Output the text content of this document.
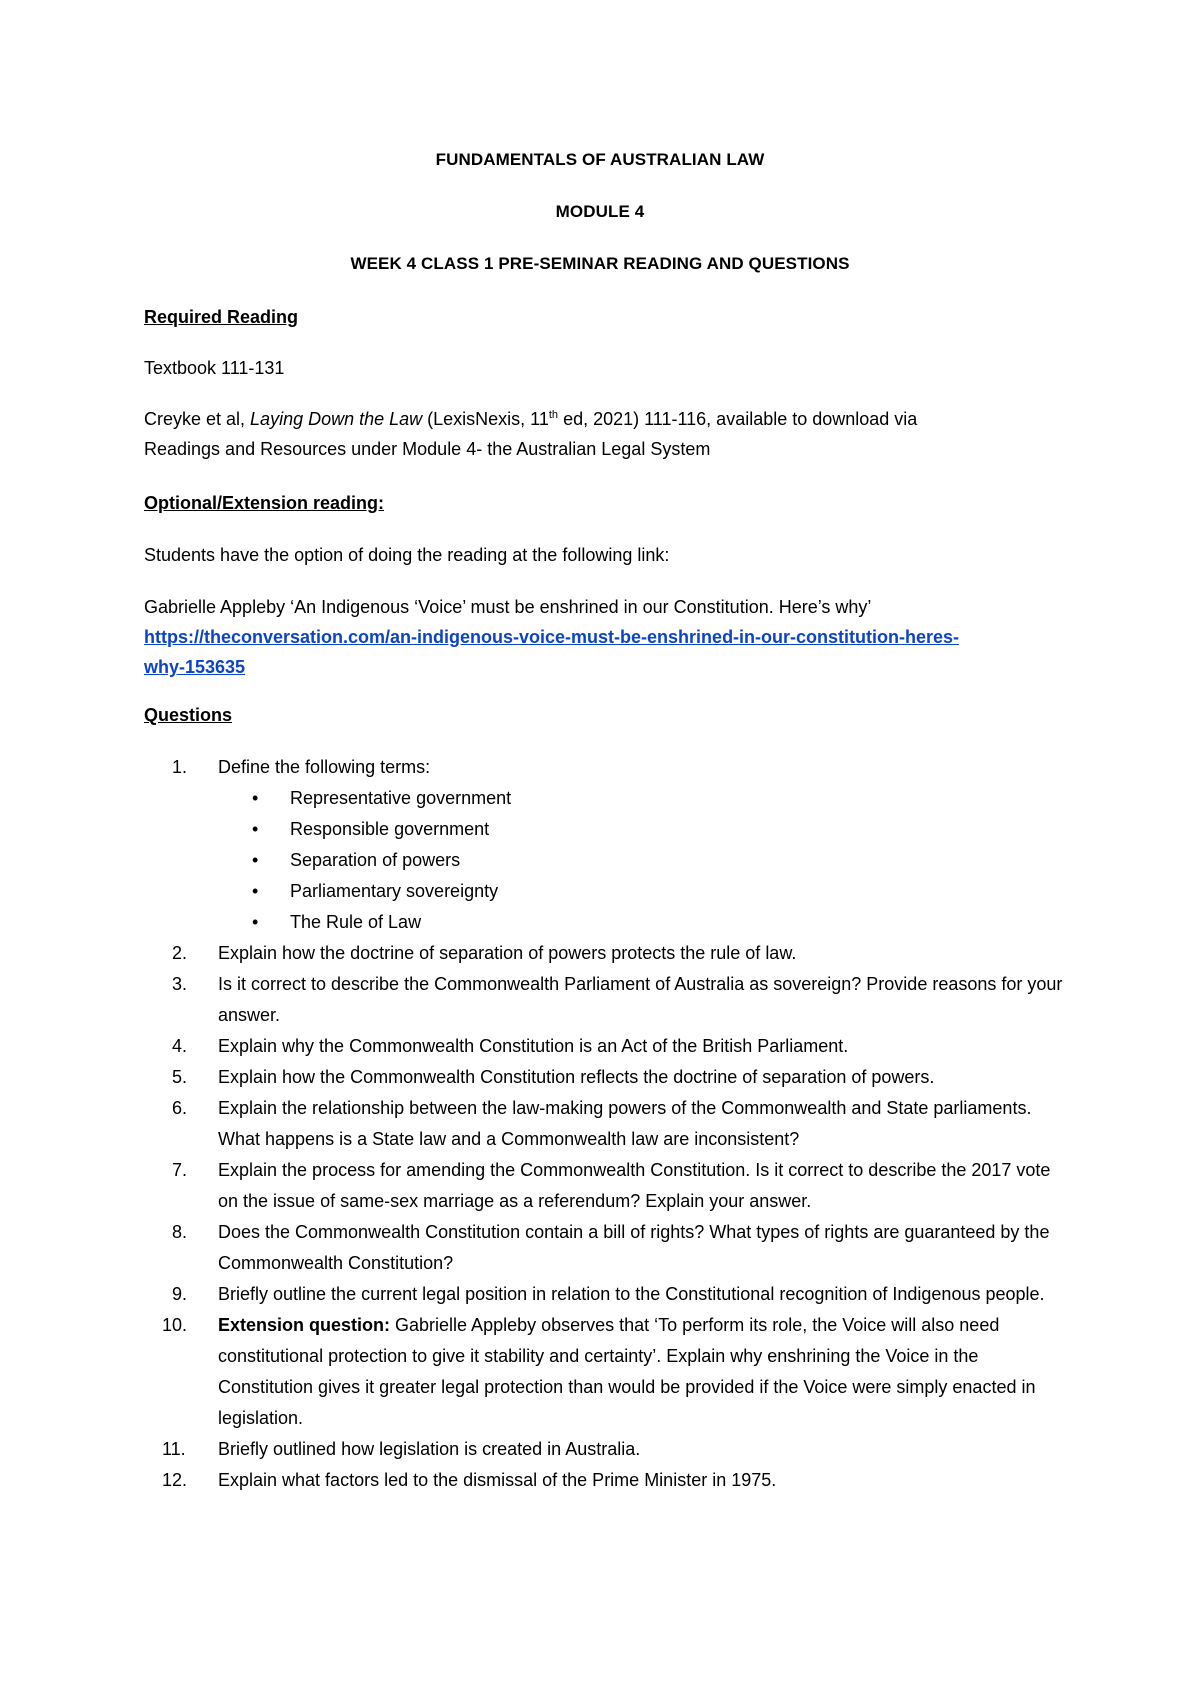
FUNDAMENTALS OF AUSTRALIAN LAW
MODULE 4
WEEK 4 CLASS 1 PRE-SEMINAR READING AND QUESTIONS
Required Reading
Textbook 111-131
Creyke et al, Laying Down the Law (LexisNexis, 11th ed, 2021) 111-116, available to download via
Readings and Resources under Module 4- the Australian Legal System
Optional/Extension reading:
Students have the option of doing the reading at the following link:
Gabrielle Appleby ‘An Indigenous ‘Voice’ must be enshrined in our Constitution. Here’s why’
https://theconversation.com/an-indigenous-voice-must-be-enshrined-in-our-constitution-heres-
why-153635
Questions
1.	Define the following terms:
• Representative government
• Responsible government
• Separation of powers
• Parliamentary sovereignty
• The Rule of Law
2.	Explain how the doctrine of separation of powers protects the rule of law.
3.	Is it correct to describe the Commonwealth Parliament of Australia as sovereign? Provide reasons for your answer.
4.	Explain why the Commonwealth Constitution is an Act of the British Parliament.
5.	Explain how the Commonwealth Constitution reflects the doctrine of separation of powers.
6.	Explain the relationship between the law-making powers of the Commonwealth and State parliaments. What happens is a State law and a Commonwealth law are inconsistent?
7.	Explain the process for amending the Commonwealth Constitution. Is it correct to describe the 2017 vote on the issue of same-sex marriage as a referendum? Explain your answer.
8.	Does the Commonwealth Constitution contain a bill of rights? What types of rights are guaranteed by the Commonwealth Constitution?
9.	Briefly outline the current legal position in relation to the Constitutional recognition of Indigenous people.
10.	Extension question: Gabrielle Appleby observes that ‘To perform its role, the Voice will also need constitutional protection to give it stability and certainty’. Explain why enshrining the Voice in the Constitution gives it greater legal protection than would be provided if the Voice were simply enacted in legislation.
11.	Briefly outlined how legislation is created in Australia.
12.	Explain what factors led to the dismissal of the Prime Minister in 1975.
